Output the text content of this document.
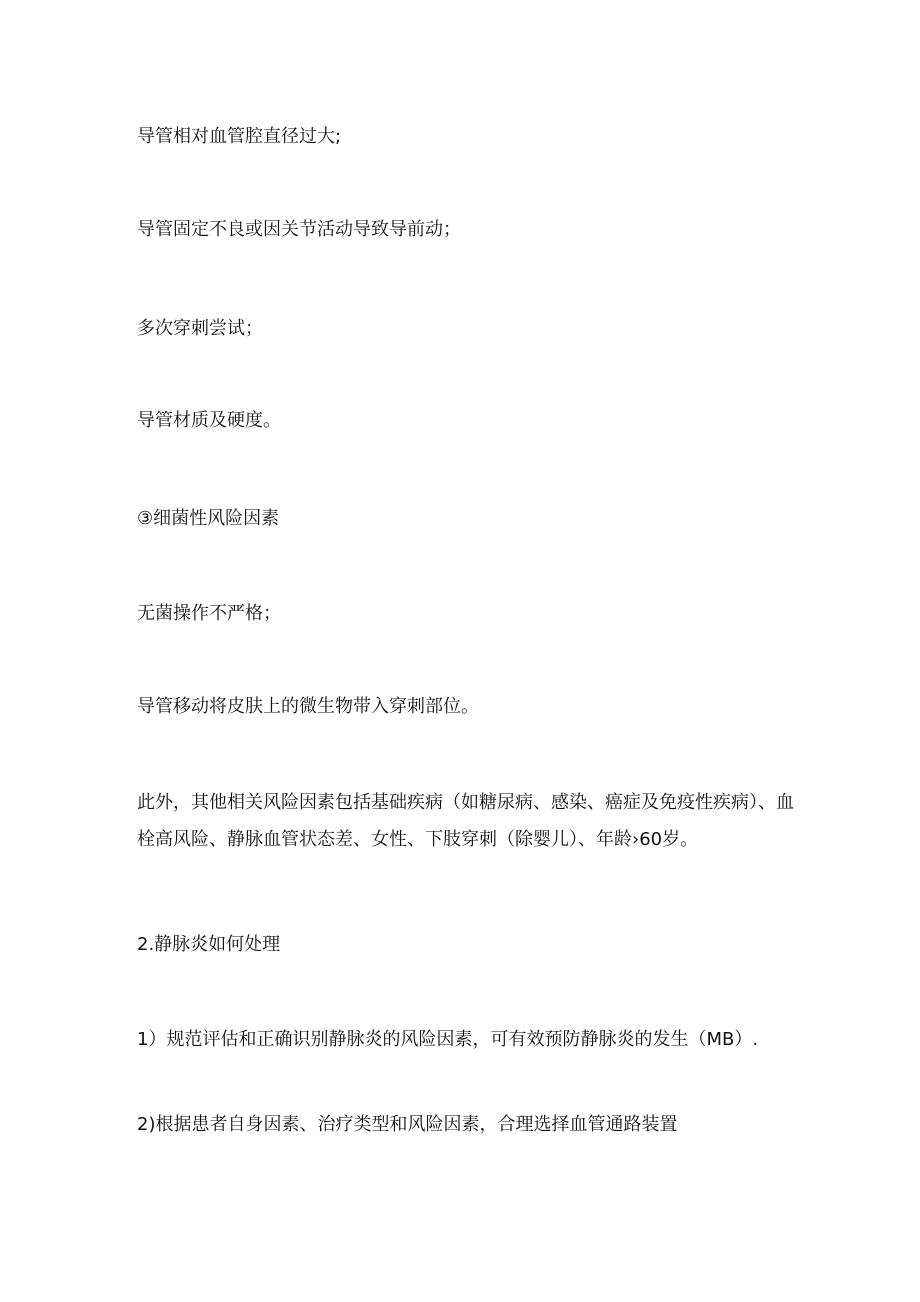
导管相对血管腔直径过大;

导管固定不良或因关节活动导致导前动；

多次穿刺尝试；

导管材质及硬度。

③细菌性风险因素

无菌操作不严格；

导管移动将皮肤上的微生物带入穿刺部位。

此外，其他相关风险因素包括基础疾病（如糖尿病、感染、癌症及免疫性疾病）、血栓高风险、静脉血管状态差、女性、下肢穿刺（除婴儿）、年龄›60岁。

2.静脉炎如何处理

1）规范评估和正确识别静脉炎的风险因素，可有效预防静脉炎的发生（MB）.

2)根据患者自身因素、治疗类型和风险因素，合理选择血管通路装置
